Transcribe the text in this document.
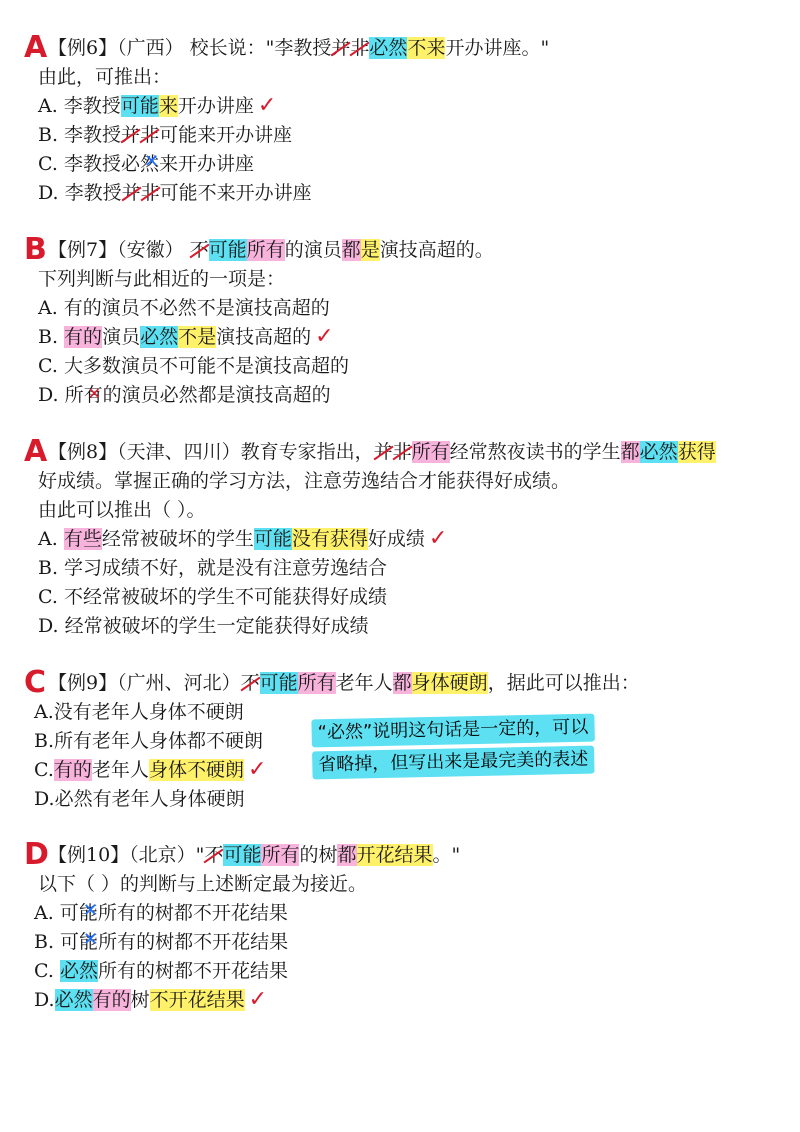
A 【例6】（广西） 校长说："李教授并非必然不来开办讲座。"
由此，可推出：
A. 李教授可能来开办讲座 ✓
B. 李教授并非可能来开办讲座
C. 李教授必然 ✕来开办讲座
D. 李教授并非可能不来开办讲座
B 【例7】（安徽） 不可能所有的演员都是演技高超的。
下列判断与此相近的一项是：
A. 有的演员不必然不是演技高超的
B. 有的演员必然不是演技高超的 ✓
C. 大多数演员不可能不是演技高超的
D. 所有 ✕的演员必然都是演技高超的
A 【例8】（天津、四川）教育专家指出，并非所有经常熬夜读书的学生都必然获得
好成绩。掌握正确的学习方法，注意劳逸结合才能获得好成绩。
由此可以推出（ ）。
A. 有些经常被破坏的学生可能没有获得好成绩 ✓
B. 学习成绩不好，就是没有注意劳逸结合
C. 不经常被破坏的学生不可能获得好成绩
D. 经常被破坏的学生一定能获得好成绩
C 【例9】（广州、河北）不可能所有老年人都身体硬朗，据此可以推出：
A.没有老年人身体不硬朗
B.所有老年人身体都不硬朗
C.有的老年人身体不硬朗 ✓
D.必然有老年人身体硬朗
“必然”说明这句话是一定的，可以
省略掉，但写出来是最完美的表述
D 【例10】（北京）"不可能所有的树都开花结果。"
以下（ ）的判断与上述断定最为接近。
A. 可能 ✕所有的树都不开花结果
B. 可能 ✕所有的树都不开花结果
C. 必然所有的树都不开花结果
D.必然有的树不开花结果 ✓
